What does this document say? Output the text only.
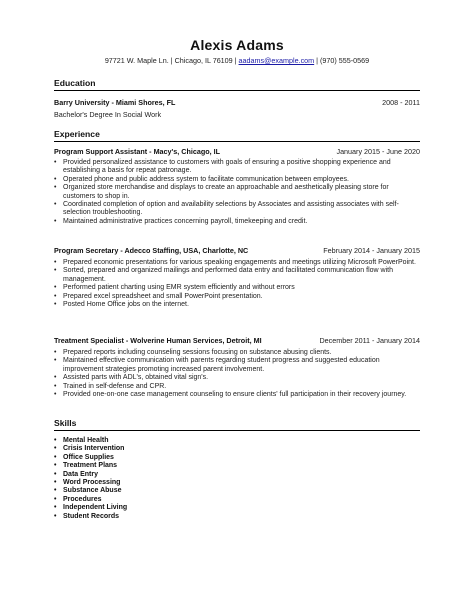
Alexis Adams
97721 W. Maple Ln. | Chicago, IL 76109 | aadams@example.com | (970) 555-0569
Education
Barry University - Miami Shores, FL	2008 - 2011
Bachelor's Degree In Social Work
Experience
Program Support Assistant - Macy's, Chicago, IL	January 2015 - June 2020
• Provided personalized assistance to customers with goals of ensuring a positive shopping experience and establishing a basis for repeat patronage.
• Operated phone and public address system to facilitate communication between employees.
• Organized store merchandise and displays to create an approachable and aesthetically pleasing store for customers to shop in.
• Coordinated completion of option and availability selections by Associates and assisting associates with self-selection troubleshooting.
• Maintained administrative practices concerning payroll, timekeeping and credit.
Program Secretary - Adecco Staffing, USA, Charlotte, NC	February 2014 - January 2015
• Prepared economic presentations for various speaking engagements and meetings utilizing Microsoft PowerPoint.
• Sorted, prepared and organized mailings and performed data entry and facilitated communication flow with management.
• Performed patient charting using EMR system efficiently and without errors
• Prepared excel spreadsheet and small PowerPoint presentation.
• Posted Home Office jobs on the internet.
Treatment Specialist - Wolverine Human Services, Detroit, MI	December 2011 - January 2014
• Prepared reports including counseling sessions focusing on substance abusing clients.
• Maintained effective communication with parents regarding student progress and suggested education improvement strategies promoting increased parent involvement.
• Assisted parts with ADL's, obtained vital sign's.
• Trained in self-defense and CPR.
• Provided one-on-one case management counseling to ensure clients' full participation in their recovery journey.
Skills
• Mental Health
• Crisis Intervention
• Office Supplies
• Treatment Plans
• Data Entry
• Word Processing
• Substance Abuse
• Procedures
• Independent Living
• Student Records
